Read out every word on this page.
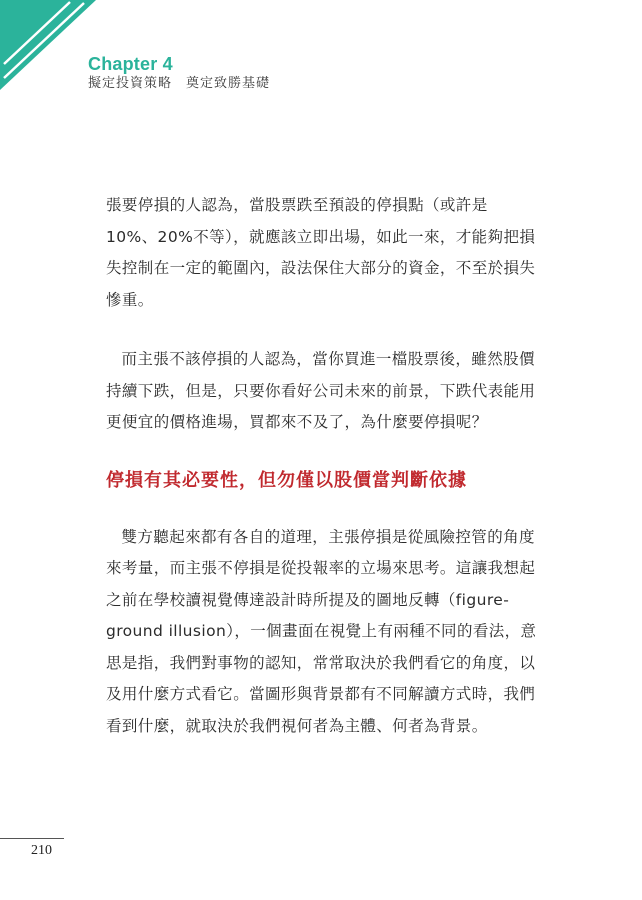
Chapter 4
擬定投資策略　奠定致勝基礎

張要停損的人認為，當股票跌至預設的停損點（或許是10%、20%不等），就應該立即出場，如此一來，才能夠把損失控制在一定的範圍內，設法保住大部分的資金，不至於損失慘重。

而主張不該停損的人認為，當你買進一檔股票後，雖然股價持續下跌，但是，只要你看好公司未來的前景，下跌代表能用更便宜的價格進場，買都來不及了，為什麼要停損呢？

停損有其必要性，但勿僅以股價當判斷依據

雙方聽起來都有各自的道理，主張停損是從風險控管的角度來考量，而主張不停損是從投報率的立場來思考。這讓我想起之前在學校讀視覺傳達設計時所提及的圖地反轉（figure-ground illusion），一個畫面在視覺上有兩種不同的看法，意思是指，我們對事物的認知，常常取決於我們看它的角度，以及用什麼方式看它。當圖形與背景都有不同解讀方式時，我們看到什麼，就取決於我們視何者為主體、何者為背景。

210
